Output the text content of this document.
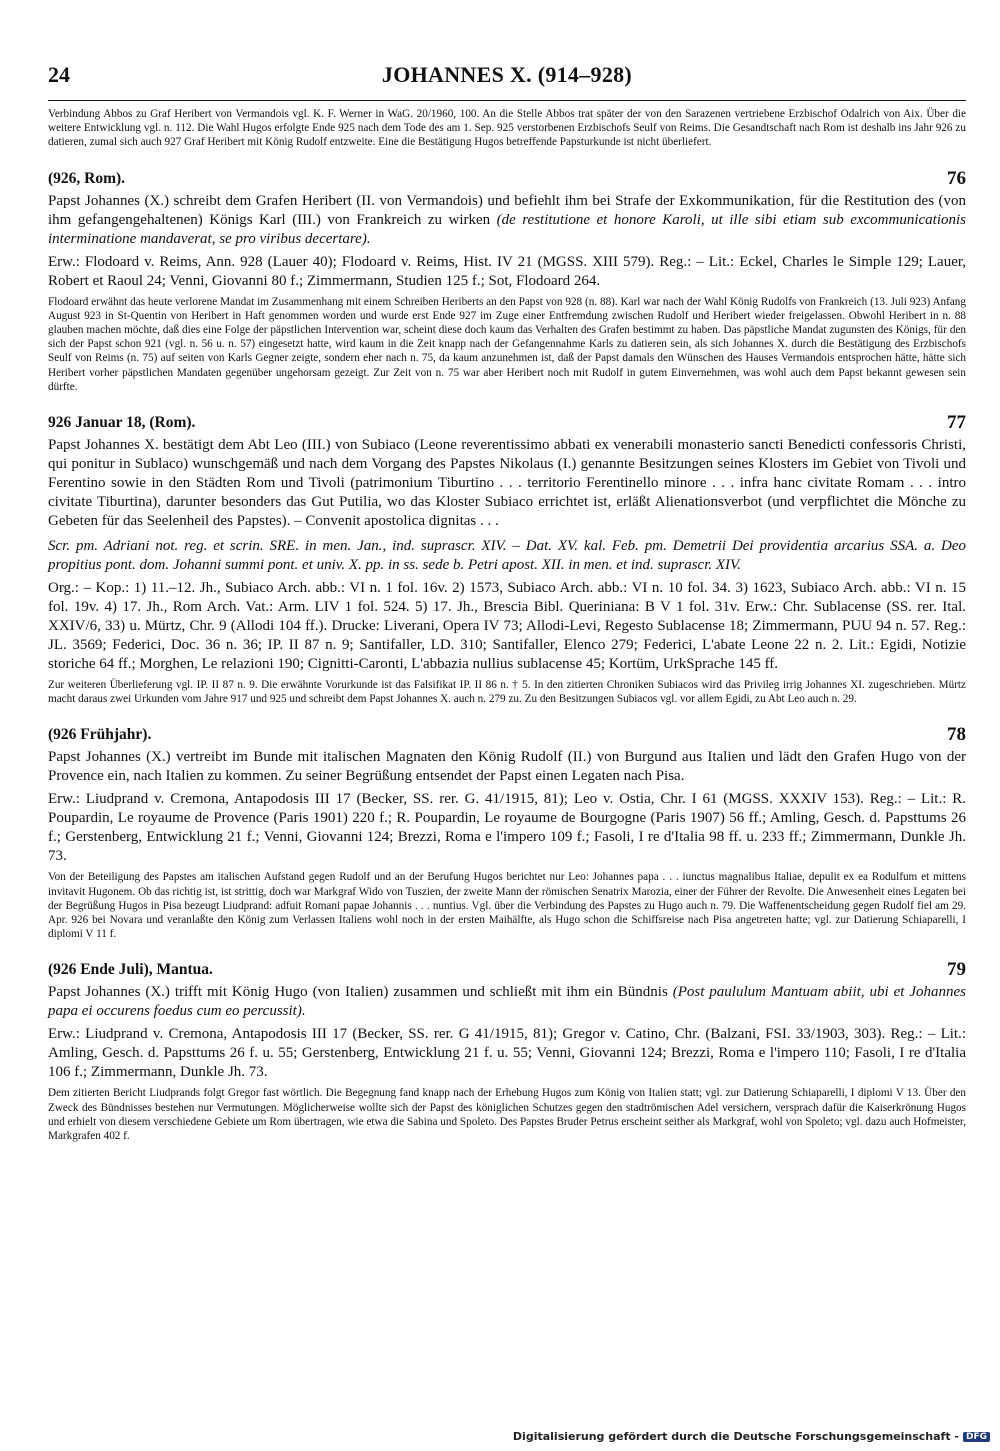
24	JOHANNES X. (914–928)

Verbindung Abbos zu Graf Heribert von Vermandois vgl. K. F. Werner in WaG. 20/1960, 100. An die Stelle Abbos trat später der von den Sarazenen vertriebene Erzbischof Odalrich von Aix. Über die weitere Entwicklung vgl. n. 112. Die Wahl Hugos erfolgte Ende 925 nach dem Tode des am 1. Sep. 925 verstorbenen Erzbischofs Seulf von Reims. Die Gesandtschaft nach Rom ist deshalb ins Jahr 926 zu datieren, zumal sich auch 927 Graf Heribert mit König Rudolf entzweite. Eine die Bestätigung Hugos betreffende Papsturkunde ist nicht überliefert.

(926, Rom).	76

Papst Johannes (X.) schreibt dem Grafen Heribert (II. von Vermandois) und befiehlt ihm bei Strafe der Exkommunikation, für die Restitution des (von ihm gefangengehaltenen) Königs Karl (III.) von Frankreich zu wirken (de restitutione et honore Karoli, ut ille sibi etiam sub excommunicationis interminatione mandaverat, se pro viribus decertare).

Erw.: Flodoard v. Reims, Ann. 928 (Lauer 40); Flodoard v. Reims, Hist. IV 21 (MGSS. XIII 579). Reg.: – Lit.: Eckel, Charles le Simple 129; Lauer, Robert et Raoul 24; Venni, Giovanni 80 f.; Zimmermann, Studien 125 f.; Sot, Flodoard 264.

Flodoard erwähnt das heute verlorene Mandat im Zusammenhang mit einem Schreiben Heriberts an den Papst von 928 (n. 88). Karl war nach der Wahl König Rudolfs von Frankreich (13. Juli 923) Anfang August 923 in St-Quentin von Heribert in Haft genommen worden und wurde erst Ende 927 im Zuge einer Entfremdung zwischen Rudolf und Heribert wieder freigelassen. Obwohl Heribert in n. 88 glauben machen möchte, daß dies eine Folge der päpstlichen Intervention war, scheint diese doch kaum das Verhalten des Grafen bestimmt zu haben. Das päpstliche Mandat zugunsten des Königs, für den sich der Papst schon 921 (vgl. n. 56 u. n. 57) eingesetzt hatte, wird kaum in die Zeit knapp nach der Gefangennahme Karls zu datieren sein, als sich Johannes X. durch die Bestätigung des Erzbischofs Seulf von Reims (n. 75) auf seiten von Karls Gegner zeigte, sondern eher nach n. 75, da kaum anzunehmen ist, daß der Papst damals den Wünschen des Hauses Vermandois entsprochen hätte, hätte sich Heribert vorher päpstlichen Mandaten gegenüber ungehorsam gezeigt. Zur Zeit von n. 75 war aber Heribert noch mit Rudolf in gutem Einvernehmen, was wohl auch dem Papst bekannt gewesen sein dürfte.

926 Januar 18, (Rom).	77

Papst Johannes X. bestätigt dem Abt Leo (III.) von Subiaco (Leone reverentissimo abbati ex venerabili monasterio sancti Benedicti confessoris Christi, qui ponitur in Sublaco) wunschgemäß und nach dem Vorgang des Papstes Nikolaus (I.) genannte Besitzungen seines Klosters im Gebiet von Tivoli und Ferentino sowie in den Städten Rom und Tivoli (patrimonium Tiburtino . . . territorio Ferentinello minore . . . infra hanc civitate Romam . . . intro civitate Tiburtina), darunter besonders das Gut Putilia, wo das Kloster Subiaco errichtet ist, erläßt Alienationsverbot (und verpflichtet die Mönche zu Gebeten für das Seelenheil des Papstes). – Convenit apostolica dignitas . . .

Scr. pm. Adriani not. reg. et scrin. SRE. in men. Jan., ind. suprascr. XIV. – Dat. XV. kal. Feb. pm. Demetrii Dei providentia arcarius SSA. a. Deo propitius pont. dom. Johanni summi pont. et univ. X. pp. in ss. sede b. Petri apost. XII. in men. et ind. suprascr. XIV.

Org.: – Kop.: 1) 11.–12. Jh., Subiaco Arch. abb.: VI n. 1 fol. 16v. 2) 1573, Subiaco Arch. abb.: VI n. 10 fol. 34. 3) 1623, Subiaco Arch. abb.: VI n. 15 fol. 19v. 4) 17. Jh., Rom Arch. Vat.: Arm. LIV 1 fol. 524. 5) 17. Jh., Brescia Bibl. Queriniana: B V 1 fol. 31v. Erw.: Chr. Sublacense (SS. rer. Ital. XXIV/6, 33) u. Mürtz, Chr. 9 (Allodi 104 ff.). Drucke: Liverani, Opera IV 73; Allodi-Levi, Regesto Sublacense 18; Zimmermann, PUU 94 n. 57. Reg.: JL. 3569; Federici, Doc. 36 n. 36; IP. II 87 n. 9; Santifaller, LD. 310; Santifaller, Elenco 279; Federici, L'abate Leone 22 n. 2. Lit.: Egidi, Notizie storiche 64 ff.; Morghen, Le relazioni 190; Cignitti-Caronti, L'abbazia nullius sublacense 45; Kortüm, UrkSprache 145 ff.

Zur weiteren Überlieferung vgl. IP. II 87 n. 9. Die erwähnte Vorurkunde ist das Falsifikat IP. II 86 n. † 5. In den zitierten Chroniken Subiacos wird das Privileg irrig Johannes XI. zugeschrieben. Mürtz macht daraus zwei Urkunden vom Jahre 917 und 925 und schreibt dem Papst Johannes X. auch n. 279 zu. Zu den Besitzungen Subiacos vgl. vor allem Egidi, zu Abt Leo auch n. 29.

(926 Frühjahr).	78

Papst Johannes (X.) vertreibt im Bunde mit italischen Magnaten den König Rudolf (II.) von Burgund aus Italien und lädt den Grafen Hugo von der Provence ein, nach Italien zu kommen. Zu seiner Begrüßung entsendet der Papst einen Legaten nach Pisa.

Erw.: Liudprand v. Cremona, Antapodosis III 17 (Becker, SS. rer. G. 41/1915, 81); Leo v. Ostia, Chr. I 61 (MGSS. XXXIV 153). Reg.: – Lit.: R. Poupardin, Le royaume de Provence (Paris 1901) 220 f.; R. Poupardin, Le royaume de Bourgogne (Paris 1907) 56 ff.; Amling, Gesch. d. Papsttums 26 f.; Gerstenberg, Entwicklung 21 f.; Venni, Giovanni 124; Brezzi, Roma e l'impero 109 f.; Fasoli, I re d'Italia 98 ff. u. 233 ff.; Zimmermann, Dunkle Jh. 73.

Von der Beteiligung des Papstes am italischen Aufstand gegen Rudolf und an der Berufung Hugos berichtet nur Leo: Johannes papa . . . iunctus magnalibus Italiae, depulit ex ea Rodulfum et mittens invitavit Hugonem. Ob das richtig ist, ist strittig, doch war Markgraf Wido von Tuszien, der zweite Mann der römischen Senatrix Marozia, einer der Führer der Revolte. Die Anwesenheit eines Legaten bei der Begrüßung Hugos in Pisa bezeugt Liudprand: adfuit Romani papae Johannis . . . nuntius. Vgl. über die Verbindung des Papstes zu Hugo auch n. 79. Die Waffenentscheidung gegen Rudolf fiel am 29. Apr. 926 bei Novara und veranlaßte den König zum Verlassen Italiens wohl noch in der ersten Maihälfte, als Hugo schon die Schiffsreise nach Pisa angetreten hatte; vgl. zur Datierung Schiaparelli, I diplomi V 11 f.

(926 Ende Juli), Mantua.	79

Papst Johannes (X.) trifft mit König Hugo (von Italien) zusammen und schließt mit ihm ein Bündnis (Post paululum Mantuam abiit, ubi et Johannes papa ei occurens foedus cum eo percussit).

Erw.: Liudprand v. Cremona, Antapodosis III 17 (Becker, SS. rer. G 41/1915, 81); Gregor v. Catino, Chr. (Balzani, FSI. 33/1903, 303). Reg.: – Lit.: Amling, Gesch. d. Papsttums 26 f. u. 55; Gerstenberg, Entwicklung 21 f. u. 55; Venni, Giovanni 124; Brezzi, Roma e l'impero 110; Fasoli, I re d'Italia 106 f.; Zimmermann, Dunkle Jh. 73.

Dem zitierten Bericht Liudprands folgt Gregor fast wörtlich. Die Begegnung fand knapp nach der Erhebung Hugos zum König von Italien statt; vgl. zur Datierung Schiaparelli, I diplomi V 13. Über den Zweck des Bündnisses bestehen nur Vermutungen. Möglicherweise wollte sich der Papst des königlichen Schutzes gegen den stadtrömischen Adel versichern, versprach dafür die Kaiserkrönung Hugos und erhielt von diesem verschiedene Gebiete um Rom übertragen, wie etwa die Sabina und Spoleto. Des Papstes Bruder Petrus erscheint seither als Markgraf, wohl von Spoleto; vgl. dazu auch Hofmeister, Markgrafen 402 f.

Digitalisierung gefördert durch die Deutsche Forschungsgemeinschaft - DFG
